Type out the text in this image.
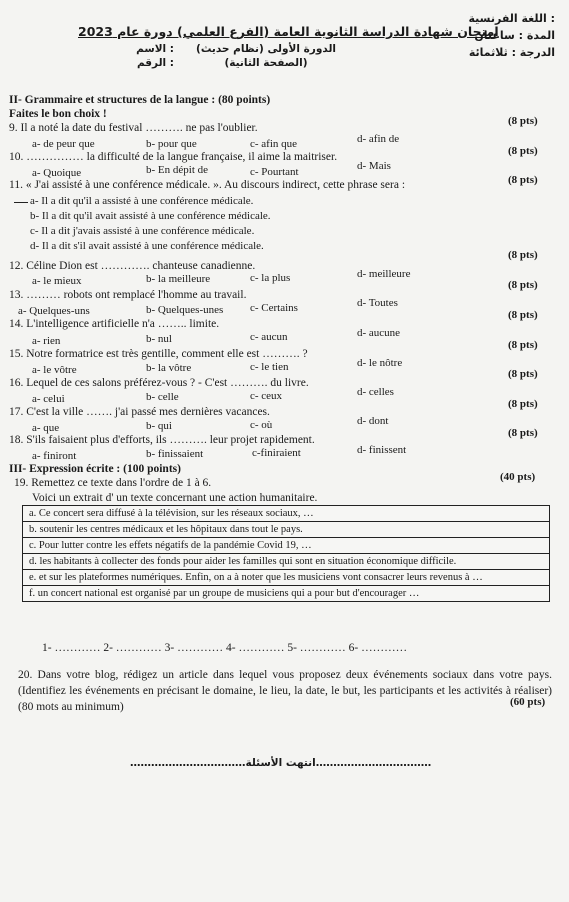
اللغة الفرنسية :
المدة : ساعتان
الدرجة : ثلاثمائة
امتحان شهادة الدراسة الثانوية العامة (الفرع العلمي) دورة عام 2023
(نظام حديث) الدورة الأولى
(الصفحة الثانية)
الاسم :
الرقم :
II- Grammaire et structures de la langue : (80 points)
Faites le bon choix !
9. Il a noté la date du festival ………. ne pas l'oublier.
(8 pts)
a- de peur que	b- pour que	c- afin que	d- afin de
10. …………… la difficulté de la langue française, il aime la maitriser.	(8 pts)
a- Quoique	b- En dépit de	c- Pourtant	d- Mais
11. « J'ai assisté à une conférence médicale. ». Au discours indirect, cette phrase sera :	(8 pts)
a- Il a dit qu'il a assisté à une conférence médicale.
b- Il a dit qu'il avait assisté à une conférence médicale.
c- Il a dit j'avais assisté à une conférence médicale.
d- Il a dit s'il avait assisté à une conférence médicale.
12. Céline Dion est …………. chanteuse canadienne.
(8 pts)
a- le mieux	b- la meilleure	c- la plus	d- meilleure
13. ……… robots ont remplacé l'homme au travail.
(8 pts)
a- Quelques-uns	b- Quelques-unes c- Certains	d- Toutes
14. L'intelligence artificielle n'a …….. limite.
(8 pts)
a- rien	b- nul	c- aucun	d- aucune
15. Notre formatrice est très gentille, comment elle est ………. ?
(8 pts)
a- le vôtre	b- la vôtre	c- le tien	d- le nôtre
16. Lequel de ces salons préférez-vous ? - C'est ………. du livre.
(8 pts)
a- celui	b- celle	c- ceux	d- celles
17. C'est la ville ……. j'ai passé mes dernières vacances.
(8 pts)
a- que	b- qui	c- où	d- dont
18. S'ils faisaient plus d'efforts, ils ………. leur projet rapidement.
(8 pts)
a- finiront	b- finissaient	c-finiraient	d- finissent
III- Expression écrite : (100 points)
19. Remettez ce texte dans l'ordre de 1 à 6.	(40 pts)
Voici un extrait d' un texte concernant une action humanitaire.
a. Ce concert sera diffusé à la télévision, sur les réseaux sociaux, …
b. soutenir les centres médicaux et les hôpitaux dans tout le pays.
c. Pour lutter contre les effets négatifs de la pandémie Covid 19, …
d. les habitants à collecter des fonds pour aider les familles qui sont en situation économique difficile.
e. et sur les plateformes numériques. Enfin, on a à noter que les musiciens vont consacrer leurs revenus à …
f. un concert national est organisé par un groupe de musiciens qui a pour but d'encourager …
1- ………… 2- ………… 3- ………… 4- ………… 5- ………… 6- …………
20. Dans votre blog, rédigez un article dans lequel vous proposez deux événements sociaux dans votre pays. (Identifiez les événements en précisant le domaine, le lieu, la date, le but, les participants et les activités à réaliser) (80 mots au minimum)	(60 pts)
……………………………انتهت الأسئلة……………………………
